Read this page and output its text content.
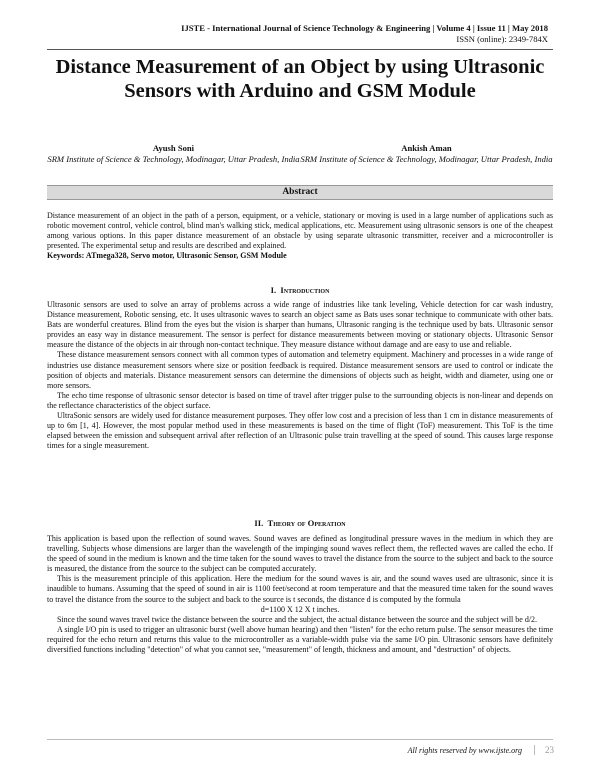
IJSTE - International Journal of Science Technology & Engineering | Volume 4 | Issue 11 | May 2018
ISSN (online): 2349-784X
Distance Measurement of an Object by using Ultrasonic Sensors with Arduino and GSM Module
Ayush Soni
SRM Institute of Science & Technology, Modinagar, Uttar Pradesh, India
Ankish Aman
SRM Institute of Science & Technology, Modinagar, Uttar Pradesh, India
Abstract
Distance measurement of an object in the path of a person, equipment, or a vehicle, stationary or moving is used in a large number of applications such as robotic movement control, vehicle control, blind man's walking stick, medical applications, etc. Measurement using ultrasonic sensors is one of the cheapest among various options. In this paper distance measurement of an obstacle by using separate ultrasonic transmitter, receiver and a microcontroller is presented. The experimental setup and results are described and explained.
Keywords: ATmega328, Servo motor, Ultrasonic Sensor, GSM Module
I. Introduction

Ultrasonic sensors are used to solve an array of problems across a wide range of industries like tank leveling, Vehicle detection for car wash industry, Distance measurement, Robotic sensing, etc. It uses ultrasonic waves to search an object same as Bats uses sonar technique to communicate with other bats. Bats are wonderful creatures. Blind from the eyes but the vision is sharper than humans, Ultrasonic ranging is the technique used by bats. Ultrasonic sensor provides an easy way in distance measurement. The sensor is perfect for distance measurements between moving or stationary objects. Ultrasonic Sensor measure the distance of the objects in air through non-contact technique. They measure distance without damage and are easy to use and reliable.

These distance measurement sensors connect with all common types of automation and telemetry equipment. Machinery and processes in a wide range of industries use distance measurement sensors where size or position feedback is required. Distance measurement sensors are used to control or indicate the position of objects and materials. Distance measurement sensors can determine the dimensions of objects such as height, width and diameter, using one or more sensors.

The echo time response of ultrasonic sensor detector is based on time of travel after trigger pulse to the surrounding objects is non-linear and depends on the reflectance characteristics of the object surface.

UltraSonic sensors are widely used for distance measurement purposes. They offer low cost and a precision of less than 1 cm in distance measurements of up to 6m [1, 4]. However, the most popular method used in these measurements is based on the time of flight (ToF) measurement. This ToF is the time elapsed between the emission and subsequent arrival after reflection of an Ultrasonic pulse train travelling at the speed of sound. This causes large response times for a single measurement.

II. Theory of Operation

This application is based upon the reflection of sound waves. Sound waves are defined as longitudinal pressure waves in the medium in which they are travelling. Subjects whose dimensions are larger than the wavelength of the impinging sound waves reflect them, the reflected waves are called the echo. If the speed of sound in the medium is known and the time taken for the sound waves to travel the distance from the source to the subject and back to the source is measured, the distance from the source to the subject can be computed accurately.

This is the measurement principle of this application. Here the medium for the sound waves is air, and the sound waves used are ultrasonic, since it is inaudible to humans. Assuming that the speed of sound in air is 1100 feet/second at room temperature and that the measured time taken for the sound waves to travel the distance from the source to the subject and back to the source is t seconds, the distance d is computed by the formula

d=1100 X 12 X t inches.

Since the sound waves travel twice the distance between the source and the subject, the actual distance between the source and the subject will be d/2.

A single I/O pin is used to trigger an ultrasonic burst (well above human hearing) and then "listen" for the echo return pulse. The sensor measures the time required for the echo return and returns this value to the microcontroller as a variable-width pulse via the same I/O pin. Ultrasonic sensors have definitely diversified functions including "detection" of what you cannot see, "measurement" of length, thickness and amount, and "destruction" of objects.

All rights reserved by www.ijste.org	23
